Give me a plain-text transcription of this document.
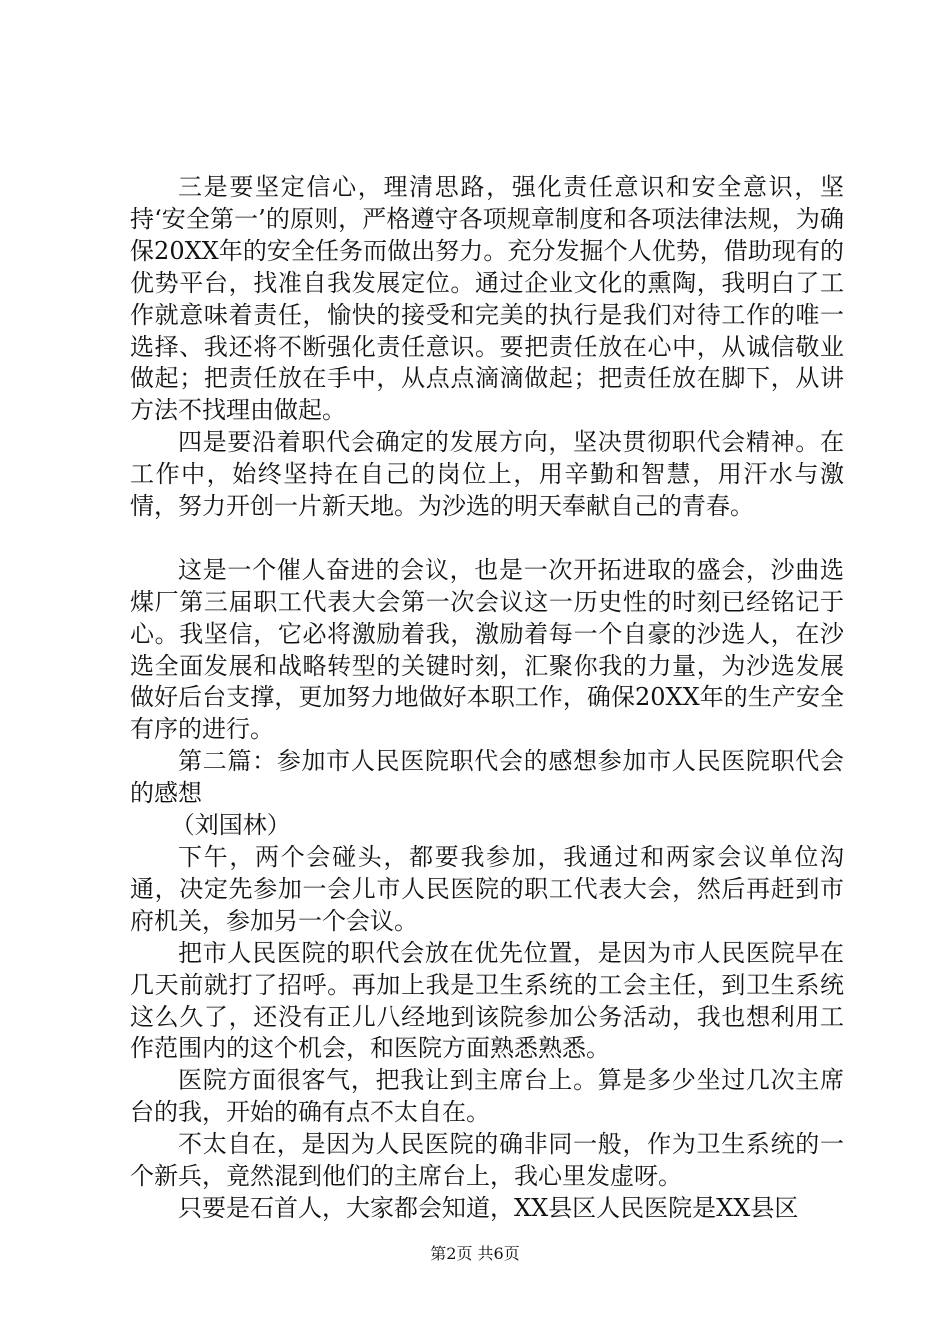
三是要坚定信心，理清思路，强化责任意识和安全意识，坚持‘安全第一’的原则，严格遵守各项规章制度和各项法律法规，为确保20XX年的安全任务而做出努力。充分发掘个人优势，借助现有的优势平台，找准自我发展定位。通过企业文化的熏陶，我明白了工作就意味着责任，愉快的接受和完美的执行是我们对待工作的唯一选择、我还将不断强化责任意识。要把责任放在心中，从诚信敬业做起；把责任放在手中，从点点滴滴做起；把责任放在脚下，从讲方法不找理由做起。

四是要沿着职代会确定的发展方向，坚决贯彻职代会精神。在工作中，始终坚持在自己的岗位上，用辛勤和智慧，用汗水与激情，努力开创一片新天地。为沙选的明天奉献自己的青春。

这是一个催人奋进的会议，也是一次开拓进取的盛会，沙曲选煤厂第三届职工代表大会第一次会议这一历史性的时刻已经铭记于心。我坚信，它必将激励着我，激励着每一个自豪的沙选人，在沙选全面发展和战略转型的关键时刻，汇聚你我的力量，为沙选发展做好后台支撑，更加努力地做好本职工作，确保20XX年的生产安全有序的进行。

第二篇：参加市人民医院职代会的感想参加市人民医院职代会的感想

（刘国林）

下午，两个会碰头，都要我参加，我通过和两家会议单位沟通，决定先参加一会儿市人民医院的职工代表大会，然后再赶到市府机关，参加另一个会议。

把市人民医院的职代会放在优先位置，是因为市人民医院早在几天前就打了招呼。再加上我是卫生系统的工会主任，到卫生系统这么久了，还没有正儿八经地到该院参加公务活动，我也想利用工作范围内的这个机会，和医院方面熟悉熟悉。

医院方面很客气，把我让到主席台上。算是多少坐过几次主席台的我，开始的确有点不太自在。

不太自在，是因为人民医院的确非同一般，作为卫生系统的一个新兵，竟然混到他们的主席台上，我心里发虚呀。

只要是石首人，大家都会知道，XX县区人民医院是XX县区

第2页 共6页
